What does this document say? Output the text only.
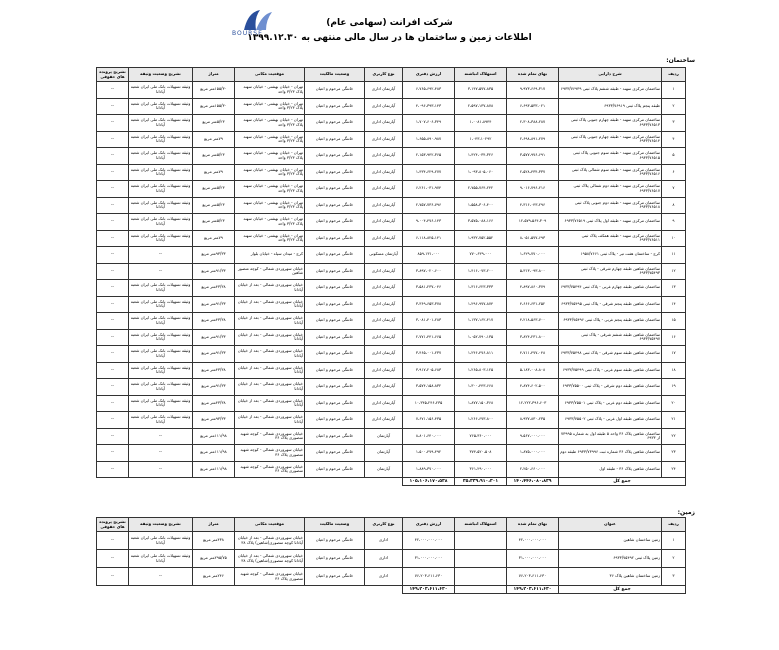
BOURSE
شرکت افرانت (سهامی عام)
اطلاعات زمین و ساختمان ها در سال مالی منتهی به ۱۳۹۹.۱۲.۳۰
ساختمان:
ردیف	شرح دارایی	بهای تمام شده	استهلاک انباشته	ارزش دفتری	نوع کاربری	وضعیت مالکیت	موقعیت مکانی	متراژ	تشریح وضعیت وثیقه	تشریح پرونده های حقوقی
۱	ساختمان مرکزی سهند - طبقه ششم پلاک ثبتی ۶۹۳۳/۷۶۹۳۹	۹،۹۷۳،۶۶۹،۳۱۷	۳،۱۴۷،۵۷۷،۸۳۵	۶،۷۶۵،۶۹۲،۴۸۳	آپارتمان اداری	خانتگی مرحوم و اعیان	تهران - خیابان بهشتی - خیابان سهند پلاک ۳/۲۳ واحد	۱۵۵/۳۰متر مربع	وثیقه تسهیلات بانک ملی ایران شعبه آپادانا	--
۲	طبقه پنجم پلاک ثبتی ۶۹۳۳/۷۶۹۱۹	۶،۶۹۳،۵۳۳،۰۲۱	۲،۵۹۷،۱۳۷،۸۷۸	۴،۰۹۶،۳۹۳،۱۴۳	آپارتمان اداری	خانتگی مرحوم و اعیان	تهران - خیابان بهشتی - خیابان سهند پلاک ۳/۲۳ واحد	۱۵۵/۳۰متر مربع	وثیقه تسهیلات بانک ملی ایران شعبه آپادانا	--
۳	ساختمان مرکزی سهند - طبقه چهارم جنوبی پلاک ثبتی ۶۹۳۳/۷۶۵۱۳	۲،۳۰۸،۳۸۸،۲۸۷	۱،۰۰۸۱،۸۹۴۴	۱،۷۰۷،۶۰۶،۳۴۹	آپارتمان اداری	خانتگی مرحوم و اعیان	تهران - خیابان بهشتی - خیابان سهند پلاک ۳/۲۳ واحد	۵/۲۳متر مربع	وثیقه تسهیلات بانک ملی ایران شعبه آپادانا	--
۴	ساختمان مرکزی سهند - طبقه چهارم جنوبی پلاک ثبتی ۶۹۳۳/۷۶۵۱۴	۲،۶۹۸،۸۹۱،۲۷۹	۱،۰۴۳،۱۰۲۹۲	۱،۶۵۵،۸۹۰،۹۸۷	آپارتمان اداری	خانتگی مرحوم و اعیان	تهران - خیابان بهشتی - خیابان سهند پلاک ۳/۲۳ واحد	۷۹متر مربع	وثیقه تسهیلات بانک ملی ایران شعبه آپادانا	--
۵	ساختمان مرکزی سهند - طبقه سوم جنوبی پلاک ثبتی ۶۹۳۳/۷۶۵۱۵	۳،۵۷۷،۹۷۶،۶۹۱	۱،۴۲۴،۰۳۴،۳۲۶	۲،۱۵۳،۹۴۲،۳۶۵	آپارتمان اداری	خانتگی مرحوم و اعیان	تهران - خیابان بهشتی - خیابان سهند پلاک ۳/۲۳ واحد	۵/۲۳متر مربع	وثیقه تسهیلات بانک ملی ایران شعبه آپادانا	--
۶	ساختمان مرکزی سهند - طبقه سوم شمالی پلاک ثبتی ۶۹۳۳/۷۶۵۱۶	۲،۵۲۸،۴۳۴،۳۳۷	۱،۰۹۳،۸۰۵،۰۶۰	۱،۴۳۴،۶۲۹،۲۷۷	آپارتمان اداری	خانتگی مرحوم و اعیان	تهران - خیابان بهشتی - خیابان سهند پلاک ۳/۲۳ واحد	۷۹متر مربع	وثیقه تسهیلات بانک ملی ایران شعبه آپادانا	--
۷	ساختمان مرکزی سهند - طبقه دوم شمالی پلاک ثبتی ۶۹۳۳/۷۶۵۱۷	۹،۰۱۶،۷۹۶،۲۱۶	۲،۷۵۵،۷۶۴،۲۴۲	۶،۲۶۱،۰۳۱،۹۷۴	آپارتمان اداری	خانتگی مرحوم و اعیان	تهران - خیابان بهشتی - خیابان سهند پلاک ۳/۲۳ واحد	۵/۲۳متر مربع	وثیقه تسهیلات بانک ملی ایران شعبه آپادانا	--
۸	ساختمان مرکزی سهند - طبقه دوم جنوبی پلاک ثبتی ۶۹۳۳/۷۶۵۱۸	۴،۳۱۶،۰۴۳،۲۹۶	۱،۵۵۸،۳۰۶،۴۰۰	۲،۷۵۷،۷۳۶،۷۹۶	آپارتمان اداری	خانتگی مرحوم و اعیان	تهران - خیابان بهشتی - خیابان سهند پلاک ۳/۲۳ واحد	۵/۲۳متر مربع	وثیقه تسهیلات بانک ملی ایران شعبه آپادانا	--
۹	ساختمان مرکزی سهند - طبقه اول پلاک ثبتی ۶۹۳۳/۷۶۵۱۹	۱۲،۵۷۹،۵۶۴،۳۰۹	۳،۵۷۵،۰۸۸،۱۶۶	۹،۰۰۴،۴۷۶،۱۴۳	آپارتمان اداری	خانتگی مرحوم و اعیان	تهران - خیابان بهشتی - خیابان سهند پلاک ۳/۲۳ واحد	۵/۲۳متر مربع	وثیقه تسهیلات بانک ملی ایران شعبه آپادانا	--
۱۰	ساختمان مرکزی سهند - طبقه همکف پلاک ثبتی ۶۹۳۳/۷۶۵۱۱	۸،۰۵۱،۵۷۷،۶۹۳	۱،۹۳۲،۷۵۲،۵۵۲	۶،۱۱۸،۸۲۵،۱۴۱	آپارتمان اداری	خانتگی مرحوم و اعیان	تهران - خیابان بهشتی - خیابان سهند پلاک ۳/۲۳ واحد	۷۹متر مربع	وثیقه تسهیلات بانک ملی ایران شعبه آپادانا	--
۱۱	کرج - ساختمان هفت تیر - پلاک ثبتی ۱۹۵۸/۷۶۶۱	۱،۶۲۹،۷۷۰،۰۰۰	۷۷۰،۶۳۹،۰۰۰	۸۵۹،۱۳۱،۰۰۰	آپارتمان مسکونی	خانتگی مرحوم و اعیان	کرج - میدان سپاه - خیابان بلوار	۹۳/۳۳متر مربع	--	--
۱۲	ساختمان شاهین طبقه چهارم شرقی - پلاک ثبتی ۶۹۳۳/۷۵۴۹۳	۵،۳۱۳،۰۹۳،۸۰۰	۱،۴۱۶،۰۷۳،۲۰۰	۳،۸۹۷،۰۲۰،۶۰۰	آپارتمان اداری	خانتگی مرحوم و اعیان	خیابان سهروردی شمالی - کوچه منصور شاهین	۹۱/۳۳متر مربع	--	--
۱۳	ساختمان شاهین طبقه چهارم غربی - پلاک ثبتی ۶۹۳۳/۷۵۴۹۴	۴،۸۹۷،۸۶۰،۳۷۹	۱،۳۱۶،۶۲۳،۳۳۳	۳،۵۸۱،۲۳۷،۰۴۶	آپارتمان اداری	خانتگی مرحوم و اعیان	خیابان سهروردی شمالی - بعد از خیابان آپادانا	۴۳/۳۸متر مربع	وثیقه تسهیلات بانک ملی ایران شعبه آپادانا	--
۱۴	ساختمان شاهین طبقه پنجم شرقی - پلاک ثبتی ۶۹۳۳/۷۵۴۹۵	۴،۶۶۶،۶۳۱،۲۵۲	۱،۲۹۶،۹۷۷،۸۷۴	۳،۳۶۹،۶۵۳،۳۷۸	آپارتمان اداری	خانتگی مرحوم و اعیان	خیابان سهروردی شمالی - بعد از خیابان آپادانا	۹۱/۳۳متر مربع	وثیقه تسهیلات بانک ملی ایران شعبه آپادانا	--
۱۵	ساختمان شاهین طبقه پنجم غربی - پلاک ثبتی ۶۹۳۳/۷۵۴۹۶	۴،۲۱۸،۵۶۳،۷۰۰	۱،۱۳۷،۱۶۲،۴۱۷	۳،۰۸۱،۴۰۱،۲۸۳	آپارتمان اداری	خانتگی مرحوم و اعیان	خیابان سهروردی شمالی - بعد از خیابان آپادانا	۴۳/۳۸متر مربع	وثیقه تسهیلات بانک ملی ایران شعبه آپادانا	--
۱۶	ساختمان شاهین طبقه ششم شرقی - پلاک ثبتی ۶۹۳۳/۷۵۴۹۷	۳،۸۲۴،۲۳۱،۸۰۰	۱،۰۵۲،۷۹۰،۱۳۵	۲،۷۷۱،۴۴۱،۶۶۵	آپارتمان اداری	خانتگی مرحوم و اعیان	خیابان سهروردی شمالی - بعد از خیابان آپادانا	۹۱/۳۳متر مربع	وثیقه تسهیلات بانک ملی ایران شعبه آپادانا	--
۱۷	ساختمان شاهین طبقه سوم شرقی - پلاک ثبتی ۶۹۳۳/۷۵۴۹۸	۴،۷۱۱،۴۷۷،۰۴۸	۱،۲۴۶،۴۷۶،۸۱۱	۳،۴۶۵،۰۰۱،۲۳۷	آپارتمان اداری	خانتگی مرحوم و اعیان	خیابان سهروردی شمالی - بعد از خیابان آپادانا	۹۱/۳۳متر مربع	وثیقه تسهیلات بانک ملی ایران شعبه آپادانا	--
۱۸	ساختمان شاهین طبقه سوم غربی - پلاک ثبتی ۶۹۳۳/۷۵۴۹۹	۵،۱۸۳،۰۰۸،۸۰۸	۱،۲۶۵،۸۰۳،۱۲۵	۳،۹۱۷،۲۰۵،۶۸۳	آپارتمان اداری	خانتگی مرحوم و اعیان	خیابان سهروردی شمالی - بعد از خیابان آپادانا	۴۳/۳۸متر مربع	وثیقه تسهیلات بانک ملی ایران شعبه آپادانا	--
۱۹	ساختمان شاهین طبقه دوم شرقی - پلاک ثبتی ۶۹۳۳/۷۵۵۰۰	۴،۸۷۴،۶۰۲،۵۰۰	۱،۳۰۰،۴۴۳،۶۶۸	۳،۵۷۴،۱۵۸،۸۳۲	آپارتمان اداری	خانتگی مرحوم و اعیان	خیابان سهروردی شمالی - بعد از خیابان آپادانا	۹۱/۳۳متر مربع	وثیقه تسهیلات بانک ملی ایران شعبه آپادانا	--
۲۰	ساختمان شاهین طبقه دوم غربی - پلاک ثبتی ۶۹۳۳/۷۵۵۰۱	۱۲،۲۲۲،۳۹۶،۶۰۳	۱،۸۷۷،۱۵۰،۳۶۸	۱۰،۳۴۵،۲۴۶،۲۳۵	آپارتمان اداری	خانتگی مرحوم و اعیان	خیابان سهروردی شمالی - بعد از خیابان آپادانا	۴۳/۳۸متر مربع	وثیقه تسهیلات بانک ملی ایران شعبه آپادانا	--
۲۱	ساختمان شاهین طبقه اول غربی - پلاک ثبتی ۶۹۳۳/۷۵۵۰۲	۸،۹۳۷،۸۳۰،۲۳۵	۱،۲۶۶،۶۷۳،۸۰۰	۷،۶۷۱،۱۵۶،۴۳۵	آپارتمان اداری	خانتگی مرحوم و اعیان	خیابان سهروردی شمالی - بعد از خیابان آپادانا	۹۳/۳۳متر مربع	وثیقه تسهیلات بانک ملی ایران شعبه آپادانا	--
۲۲	ساختمان شاهین پلاک ۳۶ واحد ۵ طبقه اول به شماره ۷۳۹۹۵ از ۶۹۳۳	۹،۵۶۷،۰۰۰،۰۰۰	۷۶۵،۳۶۰،۰۰۰	۸،۸۰۱،۶۴۰،۰۰۰	آپارتمان	خانتگی مرحوم و اعیان	خیابان سهروردی شمالی - کوچه شهید منصوری پلاک ۳۶	۱۱۱/۹۸متر مربع	--	--
۲۳	ساختمان شاهین پلاک ۳۶ شماره ثبت ۶۹۳۳/۷۳۹۹۶ طبقه دوم	۱،۸۷۵،۰۰۰،۰۰۰	۳۷۴،۵۲۰،۵۰۸	۱،۵۰۰،۴۷۹،۴۹۲	آپارتمان	خانتگی مرحوم و اعیان	خیابان سهروردی شمالی - کوچه شهید منصوری پلاک ۳۶	۱۱۱/۹۸متر مربع	--	--
۲۴	ساختمان شاهین پلاک ۳۶ - طبقه اول	۲،۲۵۰،۶۶۰،۰۰۰	۳۶۱،۲۹۰،۰۰۰	۱،۸۸۹،۳۷۰،۰۰۰	آپارتمان	خانتگی مرحوم و اعیان	خیابان سهروردی شمالی - کوچه شهید منصوری پلاک ۳۶	۱۱۱/۹۸متر مربع	--	--
جمع کل		۱۴۰،۴۴۶،۰۸۰،۸۳۹	۳۵،۳۳۹،۹۱۰،۳۰۱	۱۰۵،۱۰۶،۱۷۰،۵۳۸						
زمین:
ردیف	عنوان	بهای تمام شده	استهلاک انباشته	ارزش دفتری	نوع کاربری	وضعیت مالکیت	موقعیت مکانی	متراژ	تشریح وضعیت وثیقه	تشریح پرونده های حقوقی
۱	زمین ساختمان شاهین	۴۲،۰۰۰،۰۰۰،۰۰۰		۴۲،۰۰۰،۰۰۰،۰۰۰	اداری	خانتگی مرحوم و اعیان	خیابان سهروردی شمالی - بعد از خیابان آپادانا کوچه منصوری(شاهین) پلاک ۳۸	۴۳۸متر مربع	وثیقه تسهیلات بانک ملی ایران شعبه آپادانا	--
۲	زمین پلاک ثبتی ۶۹۳۳/۷۵۴۹۲	۳۱،۰۰۰،۰۰۰،۰۰۰		۳۱،۰۰۰،۰۰۰،۰۰۰	اداری	خانتگی مرحوم و اعیان	خیابان سهروردی شمالی - بعد از خیابان آپادانا کوچه منصوری(شاهین) پلاک ۳۸	۲۹۵/۷۵متر مربع	وثیقه تسهیلات بانک ملی ایران شعبه آپادانا	--
۳	زمین ساختمان شاهین پلاک ۳۶	۷۶،۲۰۳،۶۱۱،۶۳۰		۷۶،۲۰۳،۶۱۱،۶۳۰	اداری	خانتگی مرحوم و اعیان	خیابان سهروردی شمالی - کوچه شهید منصوری پلاک ۳۶	۲۴۶متر مربع	--	--
جمع کل		۱۴۹،۲۰۳،۶۱۱،۶۳۰		۱۴۹،۲۰۳،۶۱۱،۶۳۰						
